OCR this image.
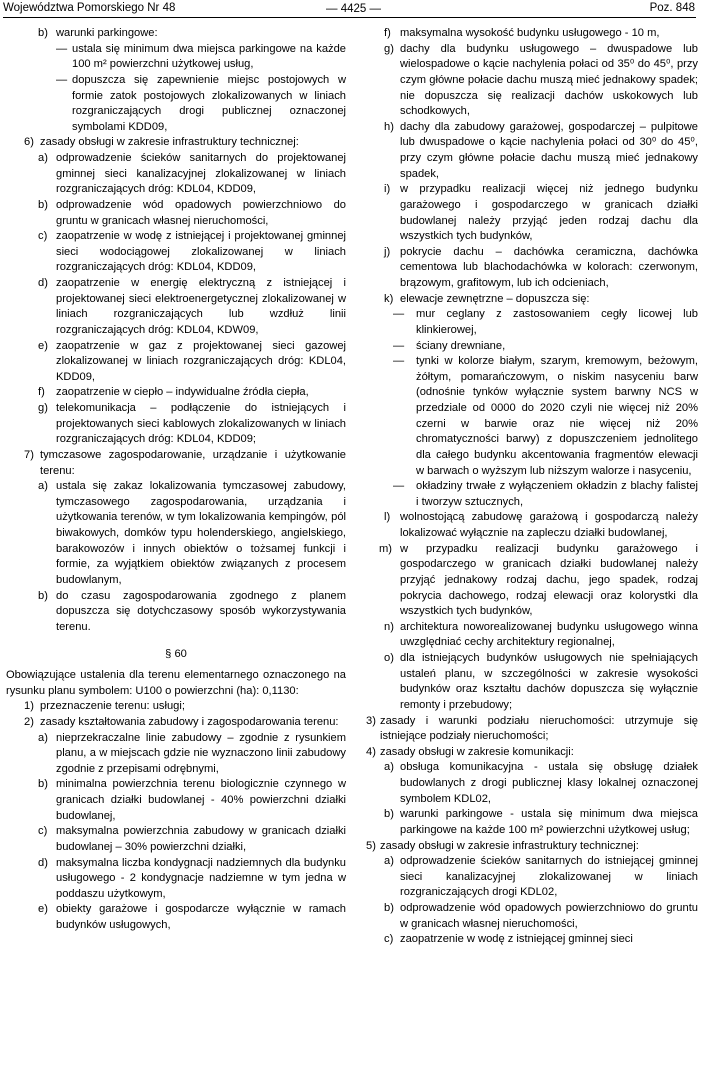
Województwa Pomorskiego Nr 48	— 4425 —	Poz. 848
b) warunki parkingowe:
— ustala się minimum dwa miejsca parkingowe na każde 100 m² powierzchni użytkowej usług,
— dopuszcza się zapewnienie miejsc postojowych w formie zatok postojowych zlokalizowanych w liniach rozgraniczających drogi publicznej oznaczonej symbolami KDD09,
6) zasady obsługi w zakresie infrastruktury technicznej:
a) odprowadzenie ścieków sanitarnych do projektowanej gminnej sieci kanalizacyjnej zlokalizowanej w liniach rozgraniczających dróg: KDL04, KDD09,
b) odprowadzenie wód opadowych powierzchniowo do gruntu w granicach własnej nieruchomości,
c) zaopatrzenie w wodę z istniejącej i projektowanej gminnej sieci wodociągowej zlokalizowanej w liniach rozgraniczających dróg: KDL04, KDD09,
d) zaopatrzenie w energię elektryczną z istniejącej i projektowanej sieci elektroenergetycznej zlokalizowanej w liniach rozgraniczających lub wzdłuż linii rozgraniczających dróg: KDL04, KDW09,
e) zaopatrzenie w gaz z projektowanej sieci gazowej zlokalizowanej w liniach rozgraniczających dróg: KDL04, KDD09,
f) zaopatrzenie w ciepło – indywidualne źródła ciepła,
g) telekomunikacja – podłączenie do istniejących i projektowanych sieci kablowych zlokalizowanych w liniach rozgraniczających dróg: KDL04, KDD09;
7) tymczasowe zagospodarowanie, urządzanie i użytkowanie terenu:
a) ustala się zakaz lokalizowania tymczasowej zabudowy, tymczasowego zagospodarowania, urządzania i użytkowania terenów, w tym lokalizowania kempingów, pól biwakowych, domków typu holenderskiego, angielskiego, barakowozów i innych obiektów o tożsamej funkcji i formie, za wyjątkiem obiektów związanych z procesem budowlanym,
b) do czasu zagospodarowania zgodnego z planem dopuszcza się dotychczasowy sposób wykorzystywania terenu.
§ 60
Obowiązujące ustalenia dla terenu elementarnego oznaczonego na rysunku planu symbolem: U100 o powierzchni (ha): 0,1130:
1) przeznaczenie terenu: usługi;
2) zasady kształtowania zabudowy i zagospodarowania terenu:
a) nieprzekraczalne linie zabudowy – zgodnie z rysunkiem planu, a w miejscach gdzie nie wyznaczono linii zabudowy zgodnie z przepisami odrębnymi,
b) minimalna powierzchnia terenu biologicznie czynnego w granicach działki budowlanej - 40% powierzchni działki budowlanej,
c) maksymalna powierzchnia zabudowy w granicach działki budowlanej – 30% powierzchni działki,
d) maksymalna liczba kondygnacji nadziemnych dla budynku usługowego - 2 kondygnacje nadziemne w tym jedna w poddaszu użytkowym,
e) obiekty garażowe i gospodarcze wyłącznie w ramach budynków usługowych,
f) maksymalna wysokość budynku usługowego - 10 m,
g) dachy dla budynku usługowego – dwuspadowe lub wielospadowe o kącie nachylenia połaci od 35⁰ do 45⁰, przy czym główne połacie dachu muszą mieć jednakowy spadek; nie dopuszcza się realizacji dachów uskokowych lub schodkowych,
h) dachy dla zabudowy garażowej, gospodarczej – pulpitowe lub dwuspadowe o kącie nachylenia połaci od 30⁰ do 45⁰, przy czym główne połacie dachu muszą mieć jednakowy spadek,
i) w przypadku realizacji więcej niż jednego budynku garażowego i gospodarczego w granicach działki budowlanej należy przyjąć jeden rodzaj dachu dla wszystkich tych budynków,
j) pokrycie dachu – dachówka ceramiczna, dachówka cementowa lub blachodachówka w kolorach: czerwonym, brązowym, grafitowym, lub ich odcieniach,
k) elewacje zewnętrzne – dopuszcza się:
— mur ceglany z zastosowaniem cegły licowej lub klinkierowej,
— ściany drewniane,
— tynki w kolorze białym, szarym, kremowym, beżowym, żółtym, pomarańczowym, o niskim nasyceniu barw (odnośnie tynków wyłącznie system barwny NCS w przedziale od 0000 do 2020 czyli nie więcej niż 20% czerni w barwie oraz nie więcej niż 20% chromatyczności barwy) z dopuszczeniem jednolitego dla całego budynku akcentowania fragmentów elewacji w barwach o wyższym lub niższym walorze i nasyceniu,
— okładziny trwałe z wyłączeniem okładzin z blachy falistej i tworzyw sztucznych,
l) wolnostojącą zabudowę garażową i gospodarczą należy lokalizować wyłącznie na zapleczu działki budowlanej,
m) w przypadku realizacji budynku garażowego i gospodarczego w granicach działki budowlanej należy przyjąć jednakowy rodzaj dachu, jego spadek, rodzaj pokrycia dachowego, rodzaj elewacji oraz kolorystki dla wszystkich tych budynków,
n) architektura noworealizowanej budynku usługowego winna uwzględniać cechy architektury regionalnej,
o) dla istniejących budynków usługowych nie spełniających ustaleń planu, w szczególności w zakresie wysokości budynków oraz kształtu dachów dopuszcza się wyłącznie remonty i przebudowy;
3) zasady i warunki podziału nieruchomości: utrzymuje się istniejące podziały nieruchomości;
4) zasady obsługi w zakresie komunikacji:
a) obsługa komunikacyjna - ustala się obsługę działek budowlanych z drogi publicznej klasy lokalnej oznaczonej symbolem KDL02,
b) warunki parkingowe - ustala się minimum dwa miejsca parkingowe na każde 100 m² powierzchni użytkowej usług;
5) zasady obsługi w zakresie infrastruktury technicznej:
a) odprowadzenie ścieków sanitarnych do istniejącej gminnej sieci kanalizacyjnej zlokalizowanej w liniach rozgraniczających drogi KDL02,
b) odprowadzenie wód opadowych powierzchniowo do gruntu w granicach własnej nieruchomości,
c) zaopatrzenie w wodę z istniejącej gminnej sieci
